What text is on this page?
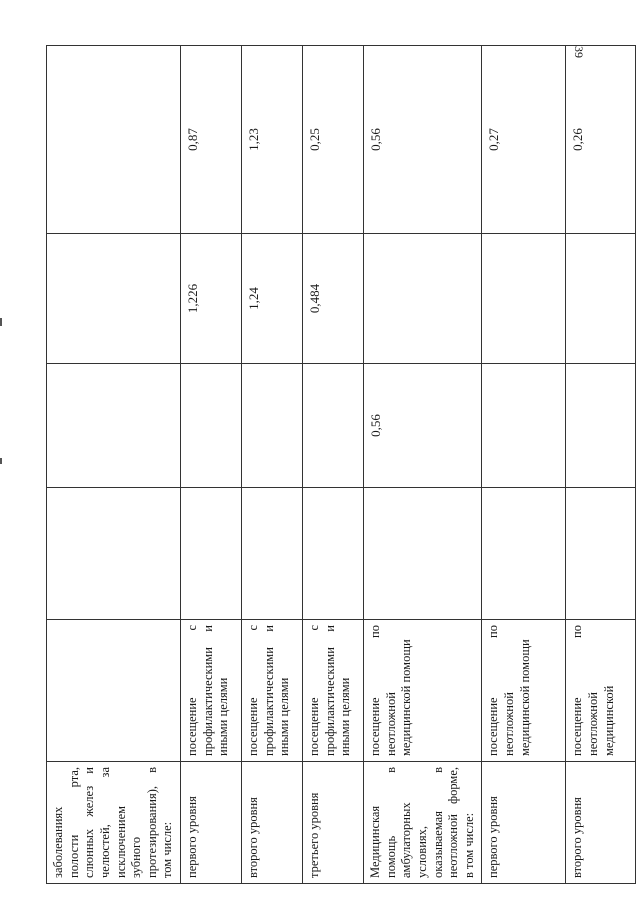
39
заболеваниях полости рта, слюнных желез и челюстей, за исключением зубного протезирования), в том числе:					
первого уровня	посещение с профилактическими и иными целями			1,226	0,87
второго уровня	посещение с профилактическими и иными целями			1,24	1,23
третьего уровня	посещение с профилактическими и иными целями			0,484	0,25
Медицинская помощь в амбулаторных условиях, оказываемая в неотложной форме, в том числе:	посещение по неотложной медицинской помощи		0,56		0,56
первого уровня	посещение по неотложной медицинской помощи				0,27
второго уровня	посещение по неотложной медицинской				0,26
